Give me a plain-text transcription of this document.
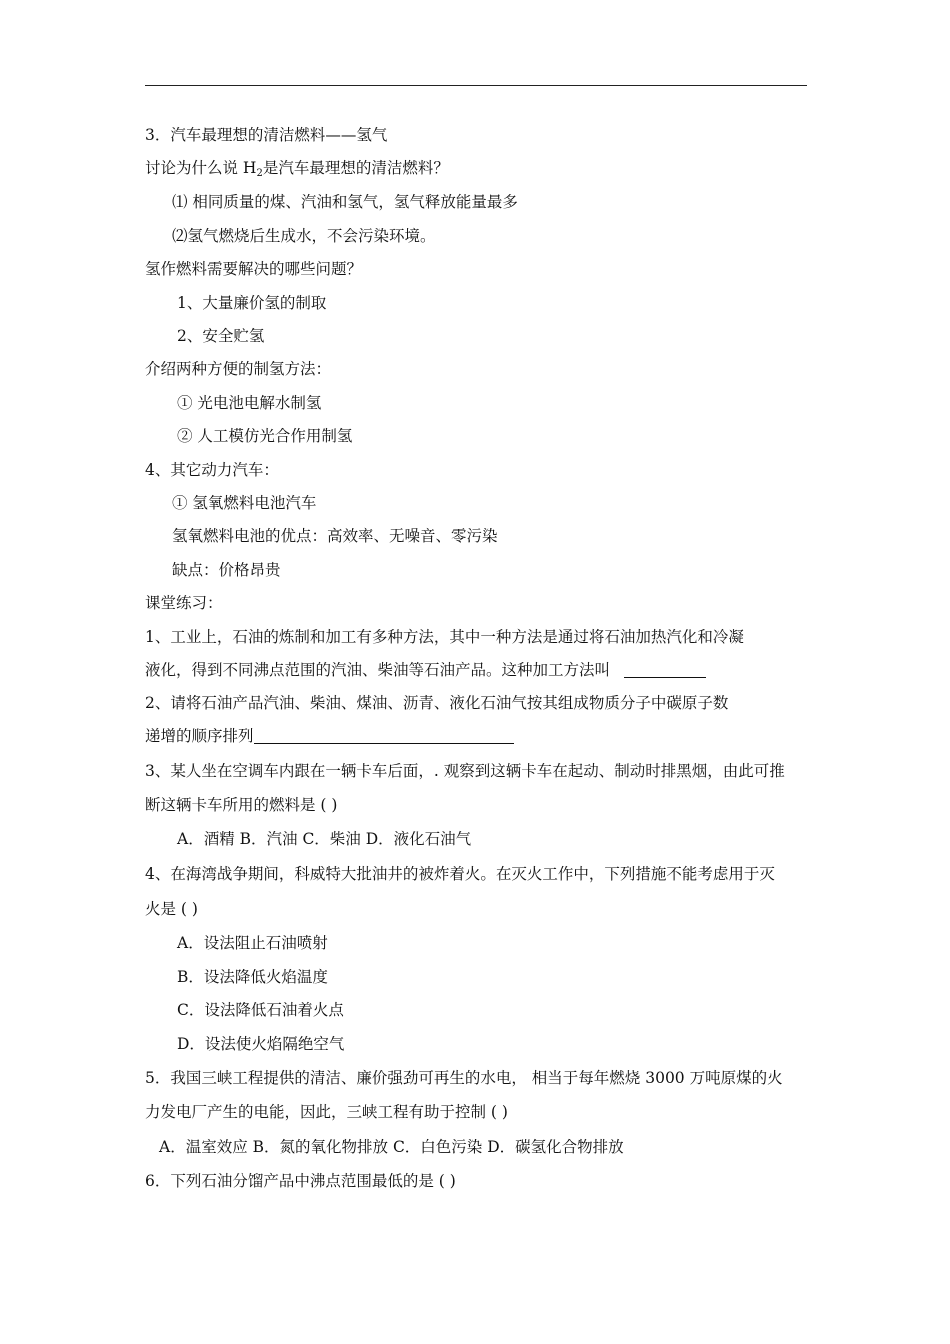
3．汽车最理想的清洁燃料——氢气
讨论为什么说 $H_2$是汽车最理想的清洁燃料？
⑴ 相同质量的煤、汽油和氢气，氢气释放能量最多
⑵氢气燃烧后生成水，不会污染环境。
氢作燃料需要解决的哪些问题？
1、大量廉价氢的制取
2、安全贮氢
介绍两种方便的制氢方法：
① 光电池电解水制氢
② 人工模仿光合作用制氢
4、其它动力汽车：
① 氢氧燃料电池汽车
氢氧燃料电池的优点：高效率、无噪音、零污染
缺点：价格昂贵
课堂练习：
1、工业上，石油的炼制和加工有多种方法，其中一种方法是通过将石油加热汽化和冷凝
液化，得到不同沸点范围的汽油、柴油等石油产品。这种加工方法叫
2、请将石油产品汽油、柴油、煤油、沥青、液化石油气按其组成物质分子中碳原子数
递增的顺序排列
3、某人坐在空调车内跟在一辆卡车后面，. 观察到这辆卡车在起动、制动时排黑烟，由此可推
断这辆卡车所用的燃料是 ( )
A．酒精 B．汽油 C．柴油 D．液化石油气
4、在海湾战争期间，科威特大批油井的被炸着火。在灭火工作中，下列措施不能考虑用于灭
火是 ( )
A．设法阻止石油喷射
B．设法降低火焰温度
C．设法降低石油着火点
D．设法使火焰隔绝空气
5．我国三峡工程提供的清洁、廉价强劲可再生的水电， 相当于每年燃烧 3000 万吨原煤的火
力发电厂产生的电能，因此，三峡工程有助于控制 ( )
A．温室效应 B．氮的氧化物排放 C．白色污染 D．碳氢化合物排放
6．下列石油分馏产品中沸点范围最低的是 ( )
